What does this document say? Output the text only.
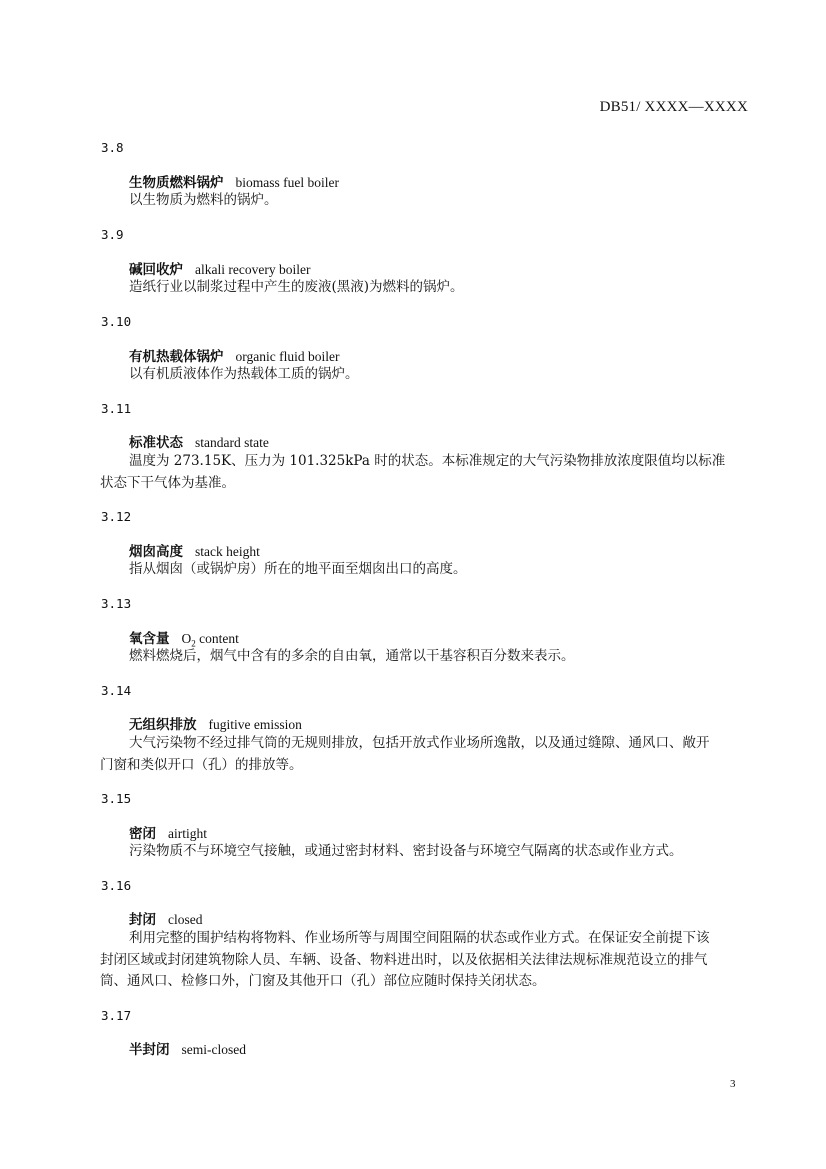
DB51/ XXXX—XXXX
3.8
生物质燃料锅炉 biomass fuel boiler
以生物质为燃料的锅炉。
3.9
碱回收炉 alkali recovery boiler
造纸行业以制浆过程中产生的废液(黑液)为燃料的锅炉。
3.10
有机热载体锅炉 organic fluid boiler
以有机质液体作为热载体工质的锅炉。
3.11
标准状态 standard state
温度为 273.15K、压力为 101.325kPa 时的状态。本标准规定的大气污染物排放浓度限值均以标准
状态下干气体为基准。
3.12
烟囱高度 stack height
指从烟囱（或锅炉房）所在的地平面至烟囱出口的高度。
3.13
氧含量 $O_2$ content
燃料燃烧后，烟气中含有的多余的自由氧，通常以干基容积百分数来表示。
3.14
无组织排放 fugitive emission
大气污染物不经过排气筒的无规则排放，包括开放式作业场所逸散，以及通过缝隙、通风口、敞开
门窗和类似开口（孔）的排放等。
3.15
密闭 airtight
污染物质不与环境空气接触，或通过密封材料、密封设备与环境空气隔离的状态或作业方式。
3.16
封闭 closed
利用完整的围护结构将物料、作业场所等与周围空间阻隔的状态或作业方式。在保证安全前提下该
封闭区域或封闭建筑物除人员、车辆、设备、物料进出时，以及依据相关法律法规标准规范设立的排气
筒、通风口、检修口外，门窗及其他开口（孔）部位应随时保持关闭状态。
3.17
半封闭 semi-closed
3
